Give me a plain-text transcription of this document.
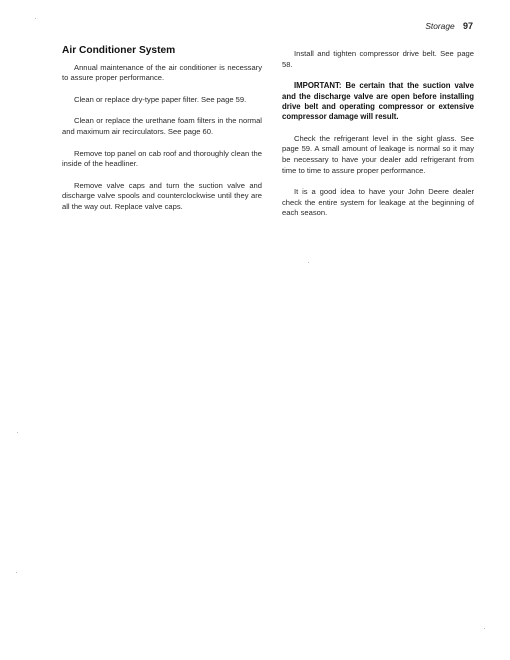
Storage 97
Air Conditioner System

Annual maintenance of the air conditioner is necessary to assure proper performance.

Clean or replace dry-type paper filter. See page 59.

Clean or replace the urethane foam filters in the normal and maximum air recirculators. See page 60.

Remove top panel on cab roof and thoroughly clean the inside of the headliner.

Remove valve caps and turn the suction valve and discharge valve spools and counterclockwise until they are all the way out. Replace valve caps.

Install and tighten compressor drive belt. See page 58.

IMPORTANT: Be certain that the suction valve and the discharge valve are open before installing drive belt and operating compressor or extensive compressor damage will result.

Check the refrigerant level in the sight glass. See page 59. A small amount of leakage is normal so it may be necessary to have your dealer add refrigerant from time to time to assure proper performance.

It is a good idea to have your John Deere dealer check the entire system for leakage at the beginning of each season.
